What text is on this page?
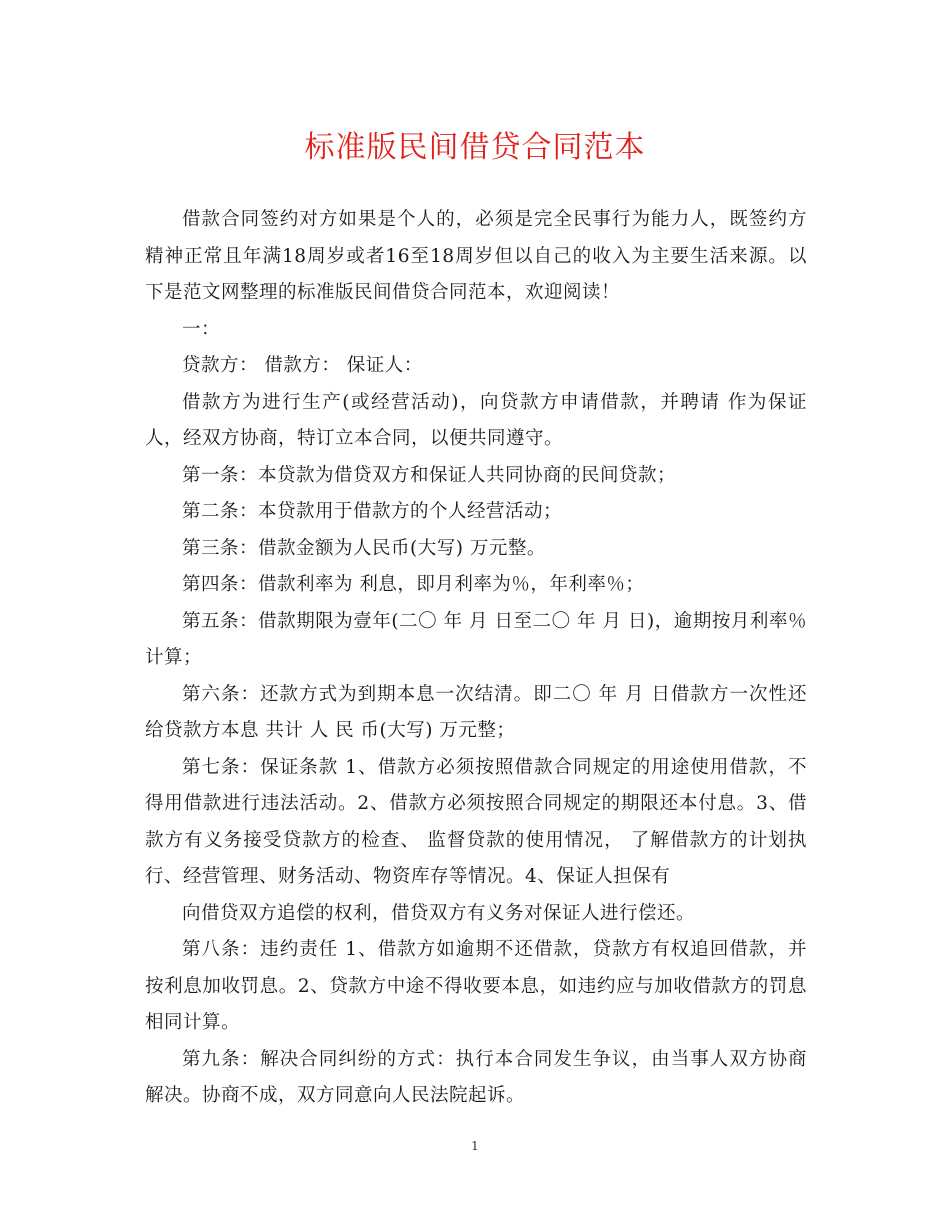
标准版民间借贷合同范本

借款合同签约对方如果是个人的，必须是完全民事行为能力人，既签约方精神正常且年满18周岁或者16至18周岁但以自己的收入为主要生活来源。以下是范文网整理的标准版民间借贷合同范本，欢迎阅读！

一：

贷款方： 借款方： 保证人：

借款方为进行生产(或经营活动)，向贷款方申请借款，并聘请 作为保证人，经双方协商，特订立本合同，以便共同遵守。

第一条：本贷款为借贷双方和保证人共同协商的民间贷款；

第二条：本贷款用于借款方的个人经营活动；

第三条：借款金额为人民币(大写) 万元整。

第四条：借款利率为 利息，即月利率为％，年利率％；

第五条：借款期限为壹年(二〇 年 月 日至二〇 年 月 日)，逾期按月利率％计算；

第六条：还款方式为到期本息一次结清。即二〇 年 月 日借款方一次性还给贷款方本息 共计 人 民 币(大写) 万元整；

第七条：保证条款 1、借款方必须按照借款合同规定的用途使用借款，不得用借款进行违法活动。2、借款方必须按照合同规定的期限还本付息。3、借款方有义务接受贷款方的检查、 监督贷款的使用情况， 了解借款方的计划执行、经营管理、财务活动、物资库存等情况。4、保证人担保有

向借贷双方追偿的权利，借贷双方有义务对保证人进行偿还。

第八条：违约责任 1、借款方如逾期不还借款，贷款方有权追回借款，并按利息加收罚息。2、贷款方中途不得收要本息，如违约应与加收借款方的罚息相同计算。

第九条：解决合同纠纷的方式：执行本合同发生争议，由当事人双方协商解决。协商不成，双方同意向人民法院起诉。

1
